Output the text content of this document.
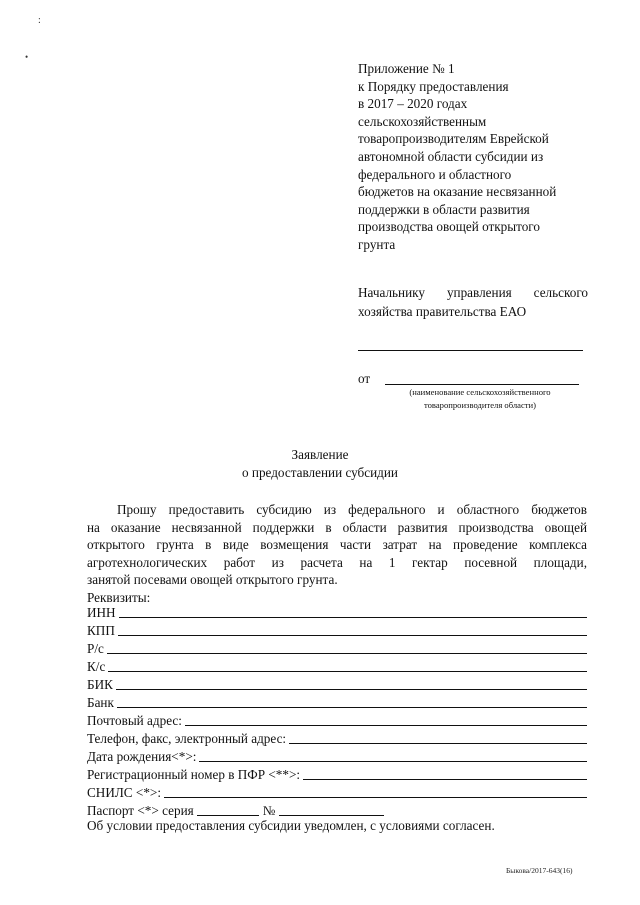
:
•
Приложение № 1
к Порядку предоставления
в 2017 – 2020 годах
сельскохозяйственным
товаропроизводителям Еврейской
автономной области субсидии из
федерального и областного
бюджетов на оказание несвязанной
поддержки в области развития
производства овощей открытого
грунта
Начальнику управления сельского
хозяйства правительства ЕАО
от
(наименование сельскохозяйственного
товаропроизводителя области)
Заявление
о предоставлении субсидии
Прошу предоставить субсидию из федерального и областного бюджетов
на оказание несвязанной поддержки в области развития производства овощей
открытого грунта в виде возмещения части затрат на проведение комплекса
агротехнологических работ из расчета на 1 гектар посевной площади,
занятой посевами овощей открытого грунта.
Реквизиты:
ИНН
КПП
Р/с
К/с
БИК
Банк
Почтовый адрес:
Телефон, факс, электронный адрес:
Дата рождения<*>:
Регистрационный номер в ПФР <**>:
СНИЛС <*>:
Паспорт <*> серия	№
Об условии предоставления субсидии уведомлен, с условиями согласен.
Быкова/2017-643(16)
